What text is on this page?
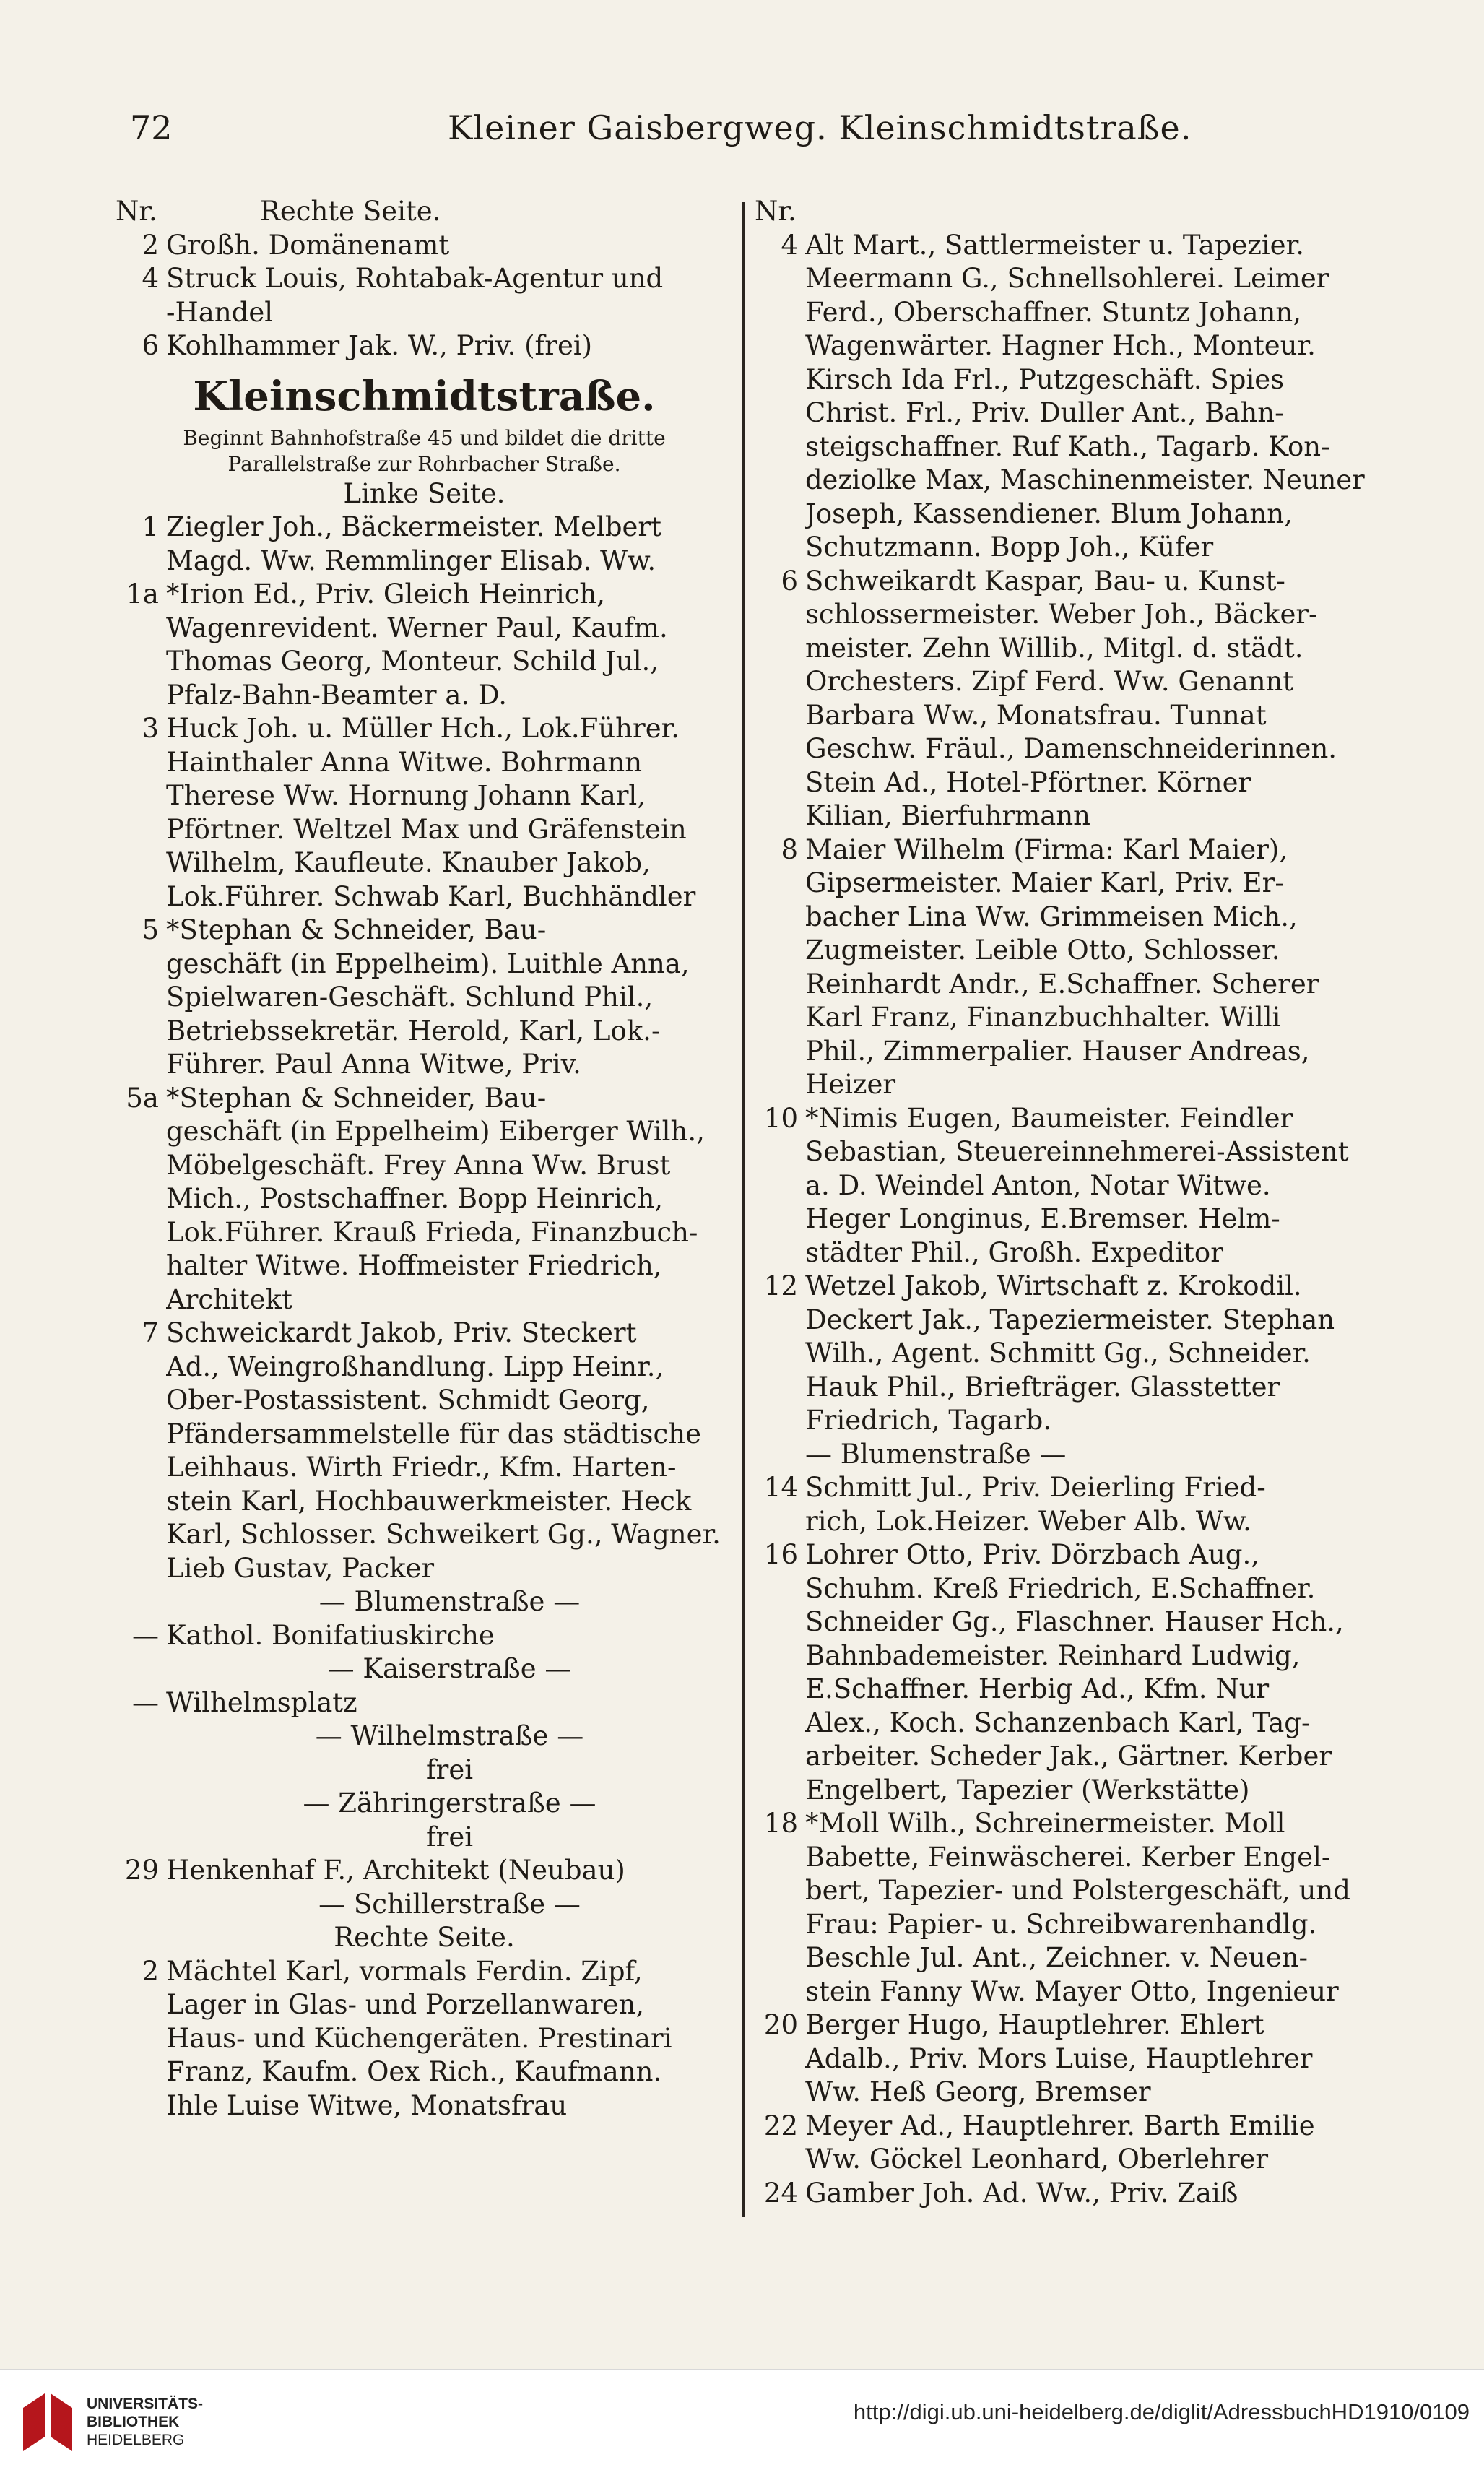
72	Kleiner Gaisbergweg. Kleinschmidtstraße.
Nr.	Rechte Seite.
2 Großh. Domänenamt
4 Struck Louis, Rohtabak-Agentur und
-Handel
6 Kohlhammer Jak. W., Priv. (frei)
Kleinschmidtstraße.
Beginnt Bahnhofstraße 45 und bildet die dritte
Parallelstraße zur Rohrbacher Straße.
Linke Seite.
1 Ziegler Joh., Bäckermeister. Melbert
Magd. Ww. Remmlinger Elisab. Ww.
1a *Irion Ed., Priv. Gleich Heinrich,
Wagenrevident. Werner Paul, Kaufm.
Thomas Georg, Monteur. Schild Jul.,
Pfalz-Bahn-Beamter a. D.
3 Huck Joh. u. Müller Hch., Lok.Führer.
Hainthaler Anna Witwe. Bohrmann
Therese Ww. Hornung Johann Karl,
Pförtner. Weltzel Max und Gräfenstein
Wilhelm, Kaufleute. Knauber Jakob,
Lok.Führer. Schwab Karl, Buchhändler
5 *Stephan & Schneider, Bau-
geschäft (in Eppelheim). Luithle Anna,
Spielwaren-Geschäft. Schlund Phil.,
Betriebssekretär. Herold, Karl, Lok.-
Führer. Paul Anna Witwe, Priv.
5a *Stephan & Schneider, Bau-
geschäft (in Eppelheim) Eiberger Wilh.,
Möbelgeschäft. Frey Anna Ww. Brust
Mich., Postschaffner. Bopp Heinrich,
Lok.Führer. Krauß Frieda, Finanzbuch-
halter Witwe. Hoffmeister Friedrich,
Architekt
7 Schweickardt Jakob, Priv. Steckert
Ad., Weingroßhandlung. Lipp Heinr.,
Ober-Postassistent. Schmidt Georg,
Pfändersammelstelle für das städtische
Leihhaus. Wirth Friedr., Kfm. Harten-
stein Karl, Hochbauwerkmeister. Heck
Karl, Schlosser. Schweikert Gg., Wagner.
Lieb Gustav, Packer
— Blumenstraße —
— Kathol. Bonifatiuskirche
— Kaiserstraße —
— Wilhelmsplatz
— Wilhelmstraße —
frei
— Zähringerstraße —
frei
29 Henkenhaf F., Architekt (Neubau)
— Schillerstraße —
Rechte Seite.
2 Mächtel Karl, vormals Ferdin. Zipf,
Lager in Glas- und Porzellanwaren,
Haus- und Küchengeräten. Prestinari
Franz, Kaufm. Oex Rich., Kaufmann.
Ihle Luise Witwe, Monatsfrau
Nr.
4 Alt Mart., Sattlermeister u. Tapezier.
Meermann G., Schnellsohlerei. Leimer
Ferd., Oberschaffner. Stuntz Johann,
Wagenwärter. Hagner Hch., Monteur.
Kirsch Ida Frl., Putzgeschäft. Spies
Christ. Frl., Priv. Duller Ant., Bahn-
steigschaffner. Ruf Kath., Tagarb. Kon-
deziolke Max, Maschinenmeister. Neuner
Joseph, Kassendiener. Blum Johann,
Schutzmann. Bopp Joh., Küfer
6 Schweikardt Kaspar, Bau- u. Kunst-
schlossermeister. Weber Joh., Bäcker-
meister. Zehn Willib., Mitgl. d. städt.
Orchesters. Zipf Ferd. Ww. Genannt
Barbara Ww., Monatsfrau. Tunnat
Geschw. Fräul., Damenschneiderinnen.
Stein Ad., Hotel-Pförtner. Körner
Kilian, Bierfuhrmann
8 Maier Wilhelm (Firma: Karl Maier),
Gipsermeister. Maier Karl, Priv. Er-
bacher Lina Ww. Grimmeisen Mich.,
Zugmeister. Leible Otto, Schlosser.
Reinhardt Andr., E.Schaffner. Scherer
Karl Franz, Finanzbuchhalter. Willi
Phil., Zimmerpalier. Hauser Andreas,
Heizer
10 *Nimis Eugen, Baumeister. Feindler
Sebastian, Steuereinnehmerei-Assistent
a. D. Weindel Anton, Notar Witwe.
Heger Longinus, E.Bremser. Helm-
städter Phil., Großh. Expeditor
12 Wetzel Jakob, Wirtschaft z. Krokodil.
Deckert Jak., Tapeziermeister. Stephan
Wilh., Agent. Schmitt Gg., Schneider.
Hauk Phil., Briefträger. Glasstetter
Friedrich, Tagarb.
— Blumenstraße —
14 Schmitt Jul., Priv. Deierling Fried-
rich, Lok.Heizer. Weber Alb. Ww.
16 Lohrer Otto, Priv. Dörzbach Aug.,
Schuhm. Kreß Friedrich, E.Schaffner.
Schneider Gg., Flaschner. Hauser Hch.,
Bahnbademeister. Reinhard Ludwig,
E.Schaffner. Herbig Ad., Kfm. Nur
Alex., Koch. Schanzenbach Karl, Tag-
arbeiter. Scheder Jak., Gärtner. Kerber
Engelbert, Tapezier (Werkstätte)
18 *Moll Wilh., Schreinermeister. Moll
Babette, Feinwäscherei. Kerber Engel-
bert, Tapezier- und Polstergeschäft, und
Frau: Papier- u. Schreibwarenhandlg.
Beschle Jul. Ant., Zeichner. v. Neuen-
stein Fanny Ww. Mayer Otto, Ingenieur
20 Berger Hugo, Hauptlehrer. Ehlert
Adalb., Priv. Mors Luise, Hauptlehrer
Ww. Heß Georg, Bremser
22 Meyer Ad., Hauptlehrer. Barth Emilie
Ww. Göckel Leonhard, Oberlehrer
24 Gamber Joh. Ad. Ww., Priv. Zaiß
UNIVERSITÄTS-
BIBLIOTHEK
HEIDELBERG
http://digi.ub.uni-heidelberg.de/diglit/AdressbuchHD1910/0109
